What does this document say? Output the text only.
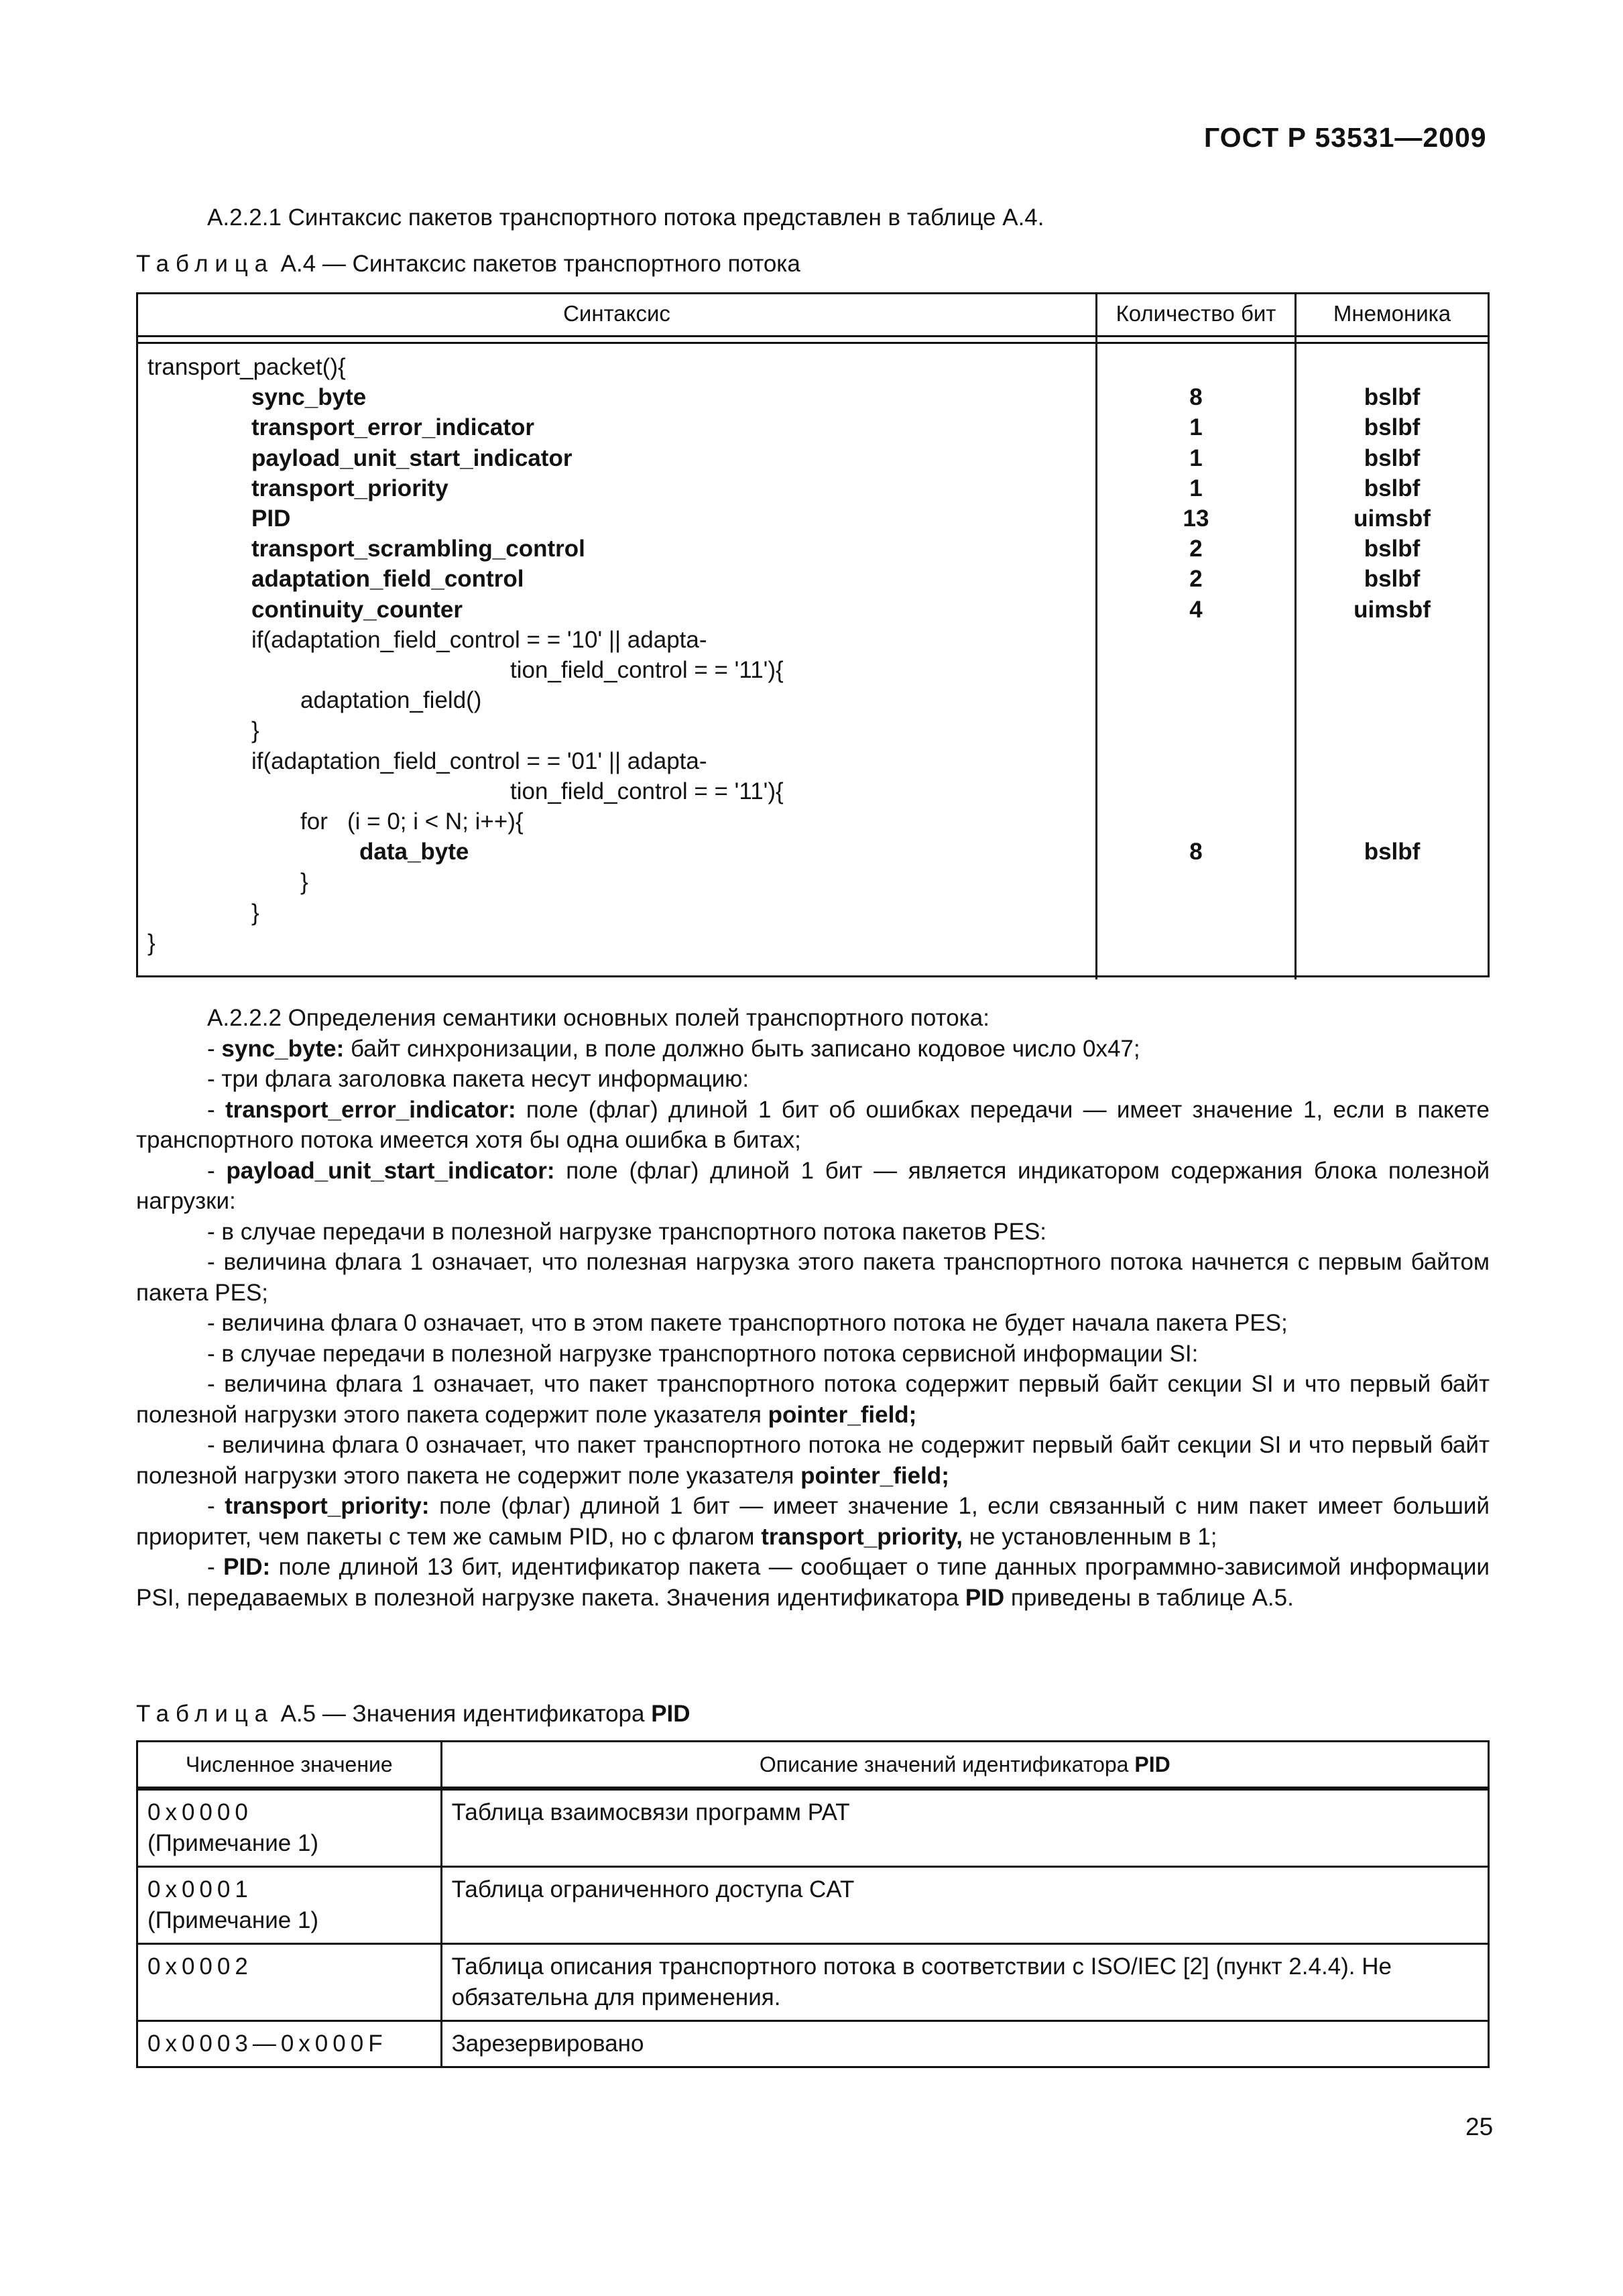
ГОСТ Р 53531—2009
А.2.2.1 Синтаксис пакетов транспортного потока представлен в таблице А.4.
Таблица А.4 — Синтаксис пакетов транспортного потока
Синтаксис	Количество бит	Мнемоника
transport_packet(){
sync_byte	8	bslbf
transport_error_indicator	1	bslbf
payload_unit_start_indicator	1	bslbf
transport_priority	1	bslbf
PID	13	uimsbf
transport_scrambling_control	2	bslbf
adaptation_field_control	2	bslbf
continuity_counter	4	uimsbf
if(adaptation_field_control = = '10' || adapta-
tion_field_control = = '11'){
adaptation_field()
}
if(adaptation_field_control = = '01' || adapta-
tion_field_control = = '11'){
for   (i = 0; i < N; i++){
data_byte	8	bslbf
}
}
}
А.2.2.2 Определения семантики основных полей транспортного потока:
- sync_byte: байт синхронизации, в поле должно быть записано кодовое число 0x47;
- три флага заголовка пакета несут информацию:
- transport_error_indicator: поле (флаг) длиной 1 бит об ошибках передачи — имеет значение 1, если в пакете транспортного потока имеется хотя бы одна ошибка в битах;
- payload_unit_start_indicator: поле (флаг) длиной 1 бит — является индикатором содержания блока полезной нагрузки:
- в случае передачи в полезной нагрузке транспортного потока пакетов PES:
- величина флага 1 означает, что полезная нагрузка этого пакета транспортного потока начнется с первым байтом пакета PES;
- величина флага 0 означает, что в этом пакете транспортного потока не будет начала пакета PES;
- в случае передачи в полезной нагрузке транспортного потока сервисной информации SI:
- величина флага 1 означает, что пакет транспортного потока содержит первый байт секции SI и что первый байт полезной нагрузки этого пакета содержит поле указателя pointer_field;
- величина флага 0 означает, что пакет транспортного потока не содержит первый байт секции SI и что первый байт полезной нагрузки этого пакета не содержит поле указателя pointer_field;
- transport_priority: поле (флаг) длиной 1 бит — имеет значение 1, если связанный с ним пакет имеет больший приоритет, чем пакеты с тем же самым PID, но с флагом transport_priority, не установленным в 1;
- PID: поле длиной 13 бит, идентификатор пакета — сообщает о типе данных программно-зависимой информации PSI, передаваемых в полезной нагрузке пакета. Значения идентификатора PID приведены в таблице А.5.
Таблица А.5 — Значения идентификатора PID
Численное значение	Описание значений идентификатора PID

0x0000
(Примечание 1)	Таблица взаимосвязи программ PAT

0x0001
(Примечание 1)	Таблица ограниченного доступа CAT

0x0002	Таблица описания транспортного потока в соответствии с ISO/IEC [2] (пункт 2.4.4). Не обязательна для применения.

0x0003—0x000F	Зарезервировано
25
